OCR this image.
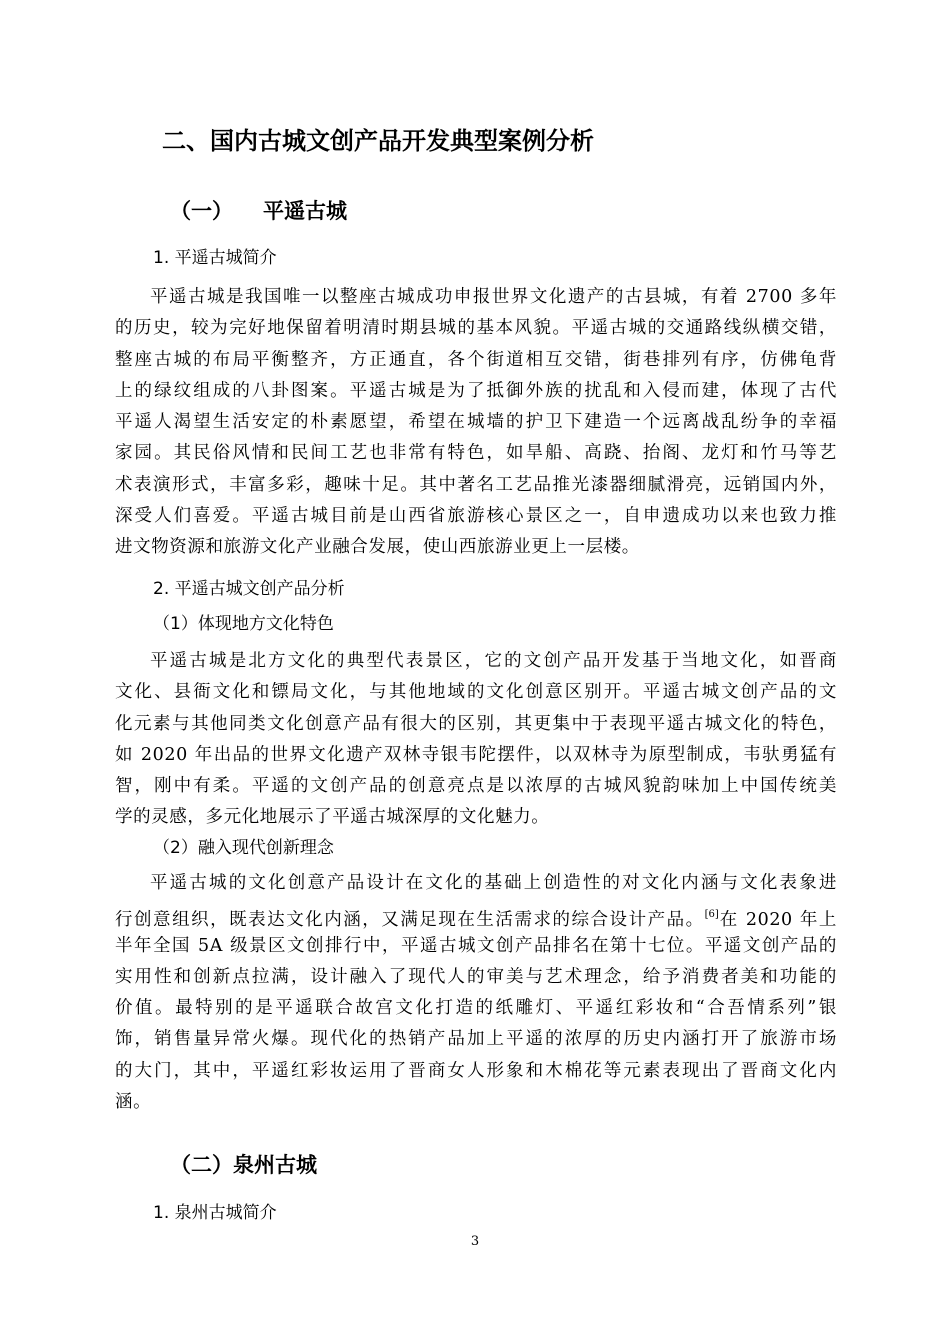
二、国内古城文创产品开发典型案例分析
（一） 平遥古城
1. 平遥古城简介
平遥古城是我国唯一以整座古城成功申报世界文化遗产的古县城，有着 2700 多年
的历史，较为完好地保留着明清时期县城的基本风貌。平遥古城的交通路线纵横交错，
整座古城的布局平衡整齐，方正通直，各个街道相互交错，街巷排列有序，仿佛龟背
上的绿纹组成的八卦图案。平遥古城是为了抵御外族的扰乱和入侵而建，体现了古代
平遥人渴望生活安定的朴素愿望，希望在城墙的护卫下建造一个远离战乱纷争的幸福
家园。其民俗风情和民间工艺也非常有特色，如旱船、高跷、抬阁、龙灯和竹马等艺
术表演形式，丰富多彩，趣味十足。其中著名工艺品推光漆器细腻滑亮，远销国内外，
深受人们喜爱。平遥古城目前是山西省旅游核心景区之一，自申遗成功以来也致力推
进文物资源和旅游文化产业融合发展，使山西旅游业更上一层楼。
2. 平遥古城文创产品分析
（1）体现地方文化特色
平遥古城是北方文化的典型代表景区，它的文创产品开发基于当地文化，如晋商
文化、县衙文化和镖局文化，与其他地域的文化创意区别开。平遥古城文创产品的文
化元素与其他同类文化创意产品有很大的区别，其更集中于表现平遥古城文化的特色，
如 2020 年出品的世界文化遗产双林寺银韦陀摆件，以双林寺为原型制成，韦驮勇猛有
智，刚中有柔。平遥的文创产品的创意亮点是以浓厚的古城风貌韵味加上中国传统美
学的灵感，多元化地展示了平遥古城深厚的文化魅力。
（2）融入现代创新理念
平遥古城的文化创意产品设计在文化的基础上创造性的对文化内涵与文化表象进
行创意组织，既表达文化内涵，又满足现在生活需求的综合设计产品。[6]在 2020 年上
半年全国 5A 级景区文创排行中，平遥古城文创产品排名在第十七位。平遥文创产品的
实用性和创新点拉满，设计融入了现代人的审美与艺术理念，给予消费者美和功能的
价值。最特别的是平遥联合故宫文化打造的纸雕灯、平遥红彩妆和“合吾情系列”银
饰，销售量异常火爆。现代化的热销产品加上平遥的浓厚的历史内涵打开了旅游市场
的大门，其中，平遥红彩妆运用了晋商女人形象和木棉花等元素表现出了晋商文化内
涵。
（二）泉州古城
1. 泉州古城简介
3
